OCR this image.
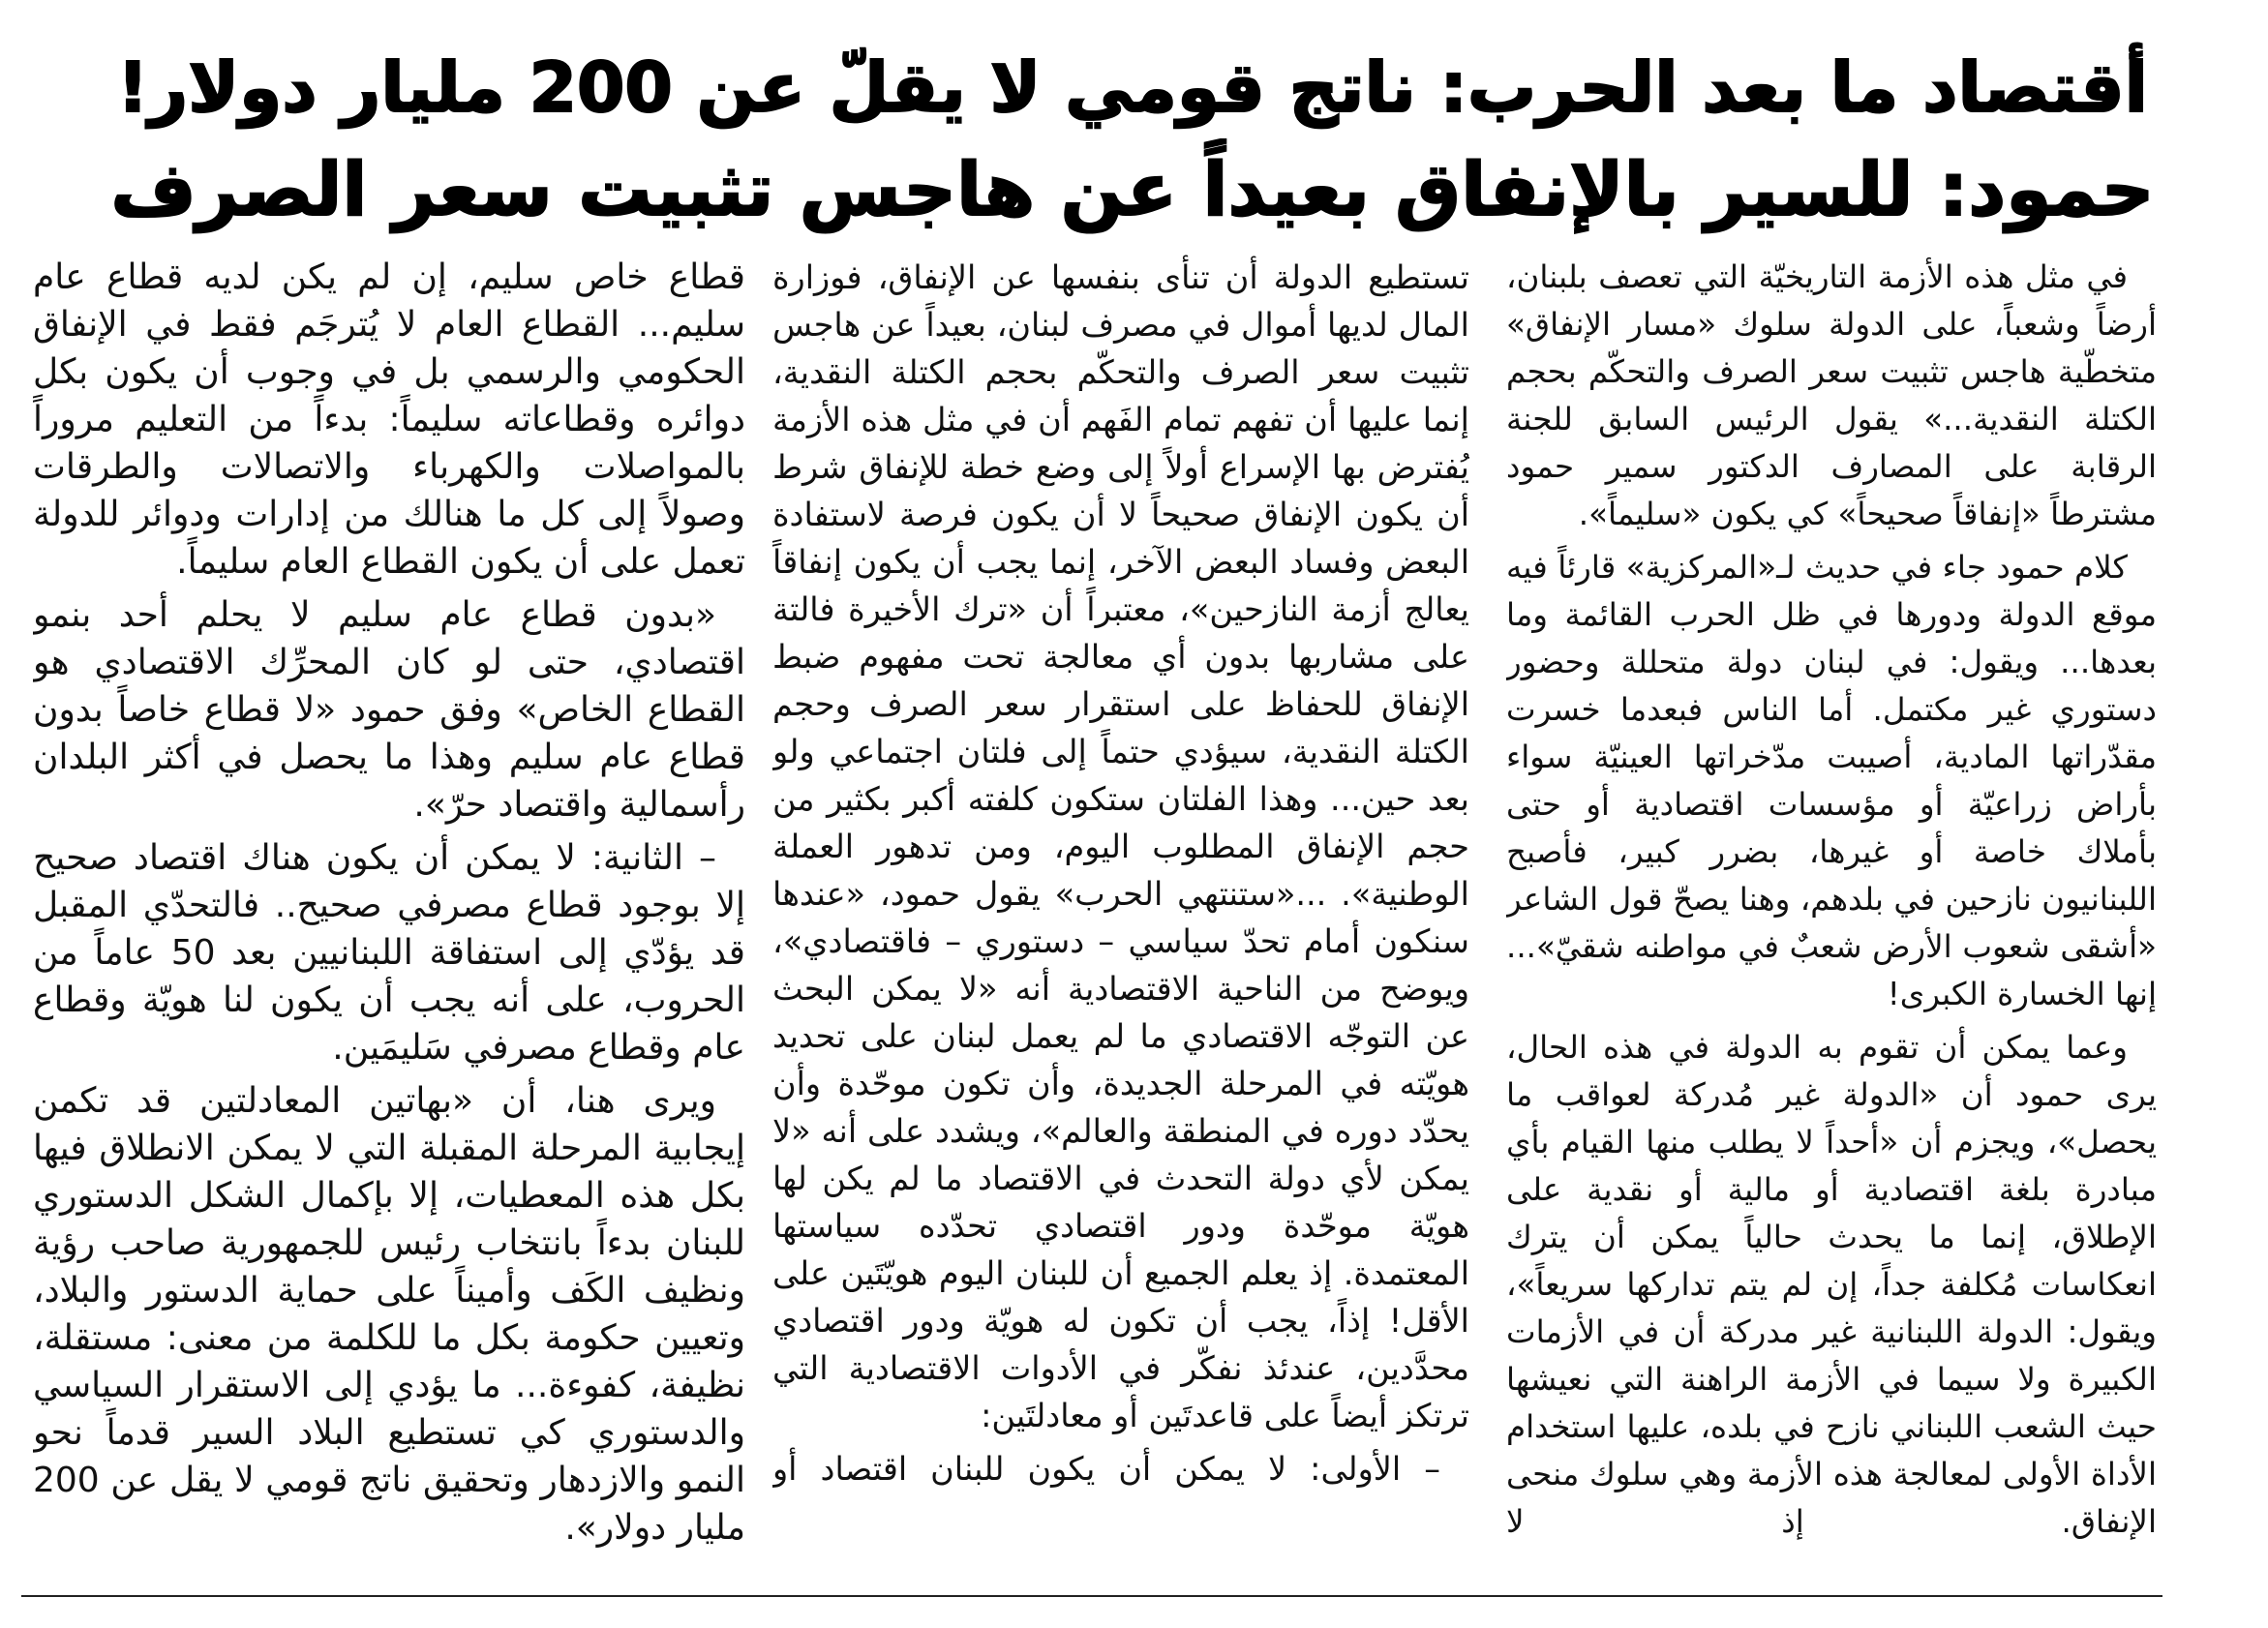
أقتصاد ما بعد الحرب: ناتج قومي لا يقلّ عن 200 مليار دولار!
حمود: للسير بالإنفاق بعيداً عن هاجس تثبيت سعر الصرف

في مثل هذه الأزمة التاريخيّة التي تعصف بلبنان، أرضاً وشعباً، على الدولة سلوك «مسار الإنفاق» متخطّية هاجس تثبيت سعر الصرف والتحكّم بحجم الكتلة النقدية...» يقول الرئيس السابق للجنة الرقابة على المصارف الدكتور سمير حمود مشترطاً «إنفاقاً صحيحاً» كي يكون «سليماً».

كلام حمود جاء في حديث لـ«المركزية» قارئاً فيه موقع الدولة ودورها في ظل الحرب القائمة وما بعدها... ويقول: في لبنان دولة متحللة وحضور دستوري غير مكتمل. أما الناس فبعدما خسرت مقدّراتها المادية، أصيبت مدّخراتها العينيّة سواء بأراض زراعيّة أو مؤسسات اقتصادية أو حتى بأملاك خاصة أو غيرها، بضرر كبير، فأصبح اللبنانيون نازحين في بلدهم، وهنا يصحّ قول الشاعر «أشقى شعوب الأرض شعبٌ في مواطنه شقيّ»... إنها الخسارة الكبرى!

وعما يمكن أن تقوم به الدولة في هذه الحال، يرى حمود أن «الدولة غير مُدركة لعواقب ما يحصل»، ويجزم أن «أحداً لا يطلب منها القيام بأي مبادرة بلغة اقتصادية أو مالية أو نقدية على الإطلاق، إنما ما يحدث حالياً يمكن أن يترك انعكاسات مُكلفة جداً، إن لم يتم تداركها سريعاً»، ويقول: الدولة اللبنانية غير مدركة أن في الأزمات الكبيرة ولا سيما في الأزمة الراهنة التي نعيشها حيث الشعب اللبناني نازح في بلده، عليها استخدام الأداة الأولى لمعالجة هذه الأزمة وهي سلوك منحى الإنفاق. إذ لا

تستطيع الدولة أن تنأى بنفسها عن الإنفاق، فوزارة المال لديها أموال في مصرف لبنان، بعيداً عن هاجس تثبيت سعر الصرف والتحكّم بحجم الكتلة النقدية، إنما عليها أن تفهم تمام الفَهم أن في مثل هذه الأزمة يُفترض بها الإسراع أولاً إلى وضع خطة للإنفاق شرط أن يكون الإنفاق صحيحاً لا أن يكون فرصة لاستفادة البعض وفساد البعض الآخر، إنما يجب أن يكون إنفاقاً يعالج أزمة النازحين»، معتبراً أن «ترك الأخيرة فالتة على مشاربها بدون أي معالجة تحت مفهوم ضبط الإنفاق للحفاظ على استقرار سعر الصرف وحجم الكتلة النقدية، سيؤدي حتماً إلى فلتان اجتماعي ولو بعد حين... وهذا الفلتان ستكون كلفته أكبر بكثير من حجم الإنفاق المطلوب اليوم، ومن تدهور العملة الوطنية». ...«ستنتهي الحرب» يقول حمود، «عندها سنكون أمام تحدّ سياسي – دستوري – فاقتصادي»، ويوضح من الناحية الاقتصادية أنه «لا يمكن البحث عن التوجّه الاقتصادي ما لم يعمل لبنان على تحديد هويّته في المرحلة الجديدة، وأن تكون موحّدة وأن يحدّد دوره في المنطقة والعالم»، ويشدد على أنه «لا يمكن لأي دولة التحدث في الاقتصاد ما لم يكن لها هويّة موحّدة ودور اقتصادي تحدّده سياستها المعتمدة. إذ يعلم الجميع أن للبنان اليوم هويّتَين على الأقل! إذاً، يجب أن تكون له هويّة ودور اقتصادي محدَّدين، عندئذ نفكّر في الأدوات الاقتصادية التي ترتكز أيضاً على قاعدتَين أو معادلتَين:

– الأولى: لا يمكن أن يكون للبنان اقتصاد أو

قطاع خاص سليم، إن لم يكن لديه قطاع عام سليم... القطاع العام لا يُترجَم فقط في الإنفاق الحكومي والرسمي بل في وجوب أن يكون بكل دوائره وقطاعاته سليماً: بدءاً من التعليم مروراً بالمواصلات والكهرباء والاتصالات والطرقات وصولاً إلى كل ما هنالك من إدارات ودوائر للدولة تعمل على أن يكون القطاع العام سليماً.

«بدون قطاع عام سليم لا يحلم أحد بنمو اقتصادي، حتى لو كان المحرِّك الاقتصادي هو القطاع الخاص» وفق حمود «لا قطاع خاصاً بدون قطاع عام سليم وهذا ما يحصل في أكثر البلدان رأسمالية واقتصاد حرّ».

– الثانية: لا يمكن أن يكون هناك اقتصاد صحيح إلا بوجود قطاع مصرفي صحيح.. فالتحدّي المقبل قد يؤدّي إلى استفاقة اللبنانيين بعد 50 عاماً من الحروب، على أنه يجب أن يكون لنا هويّة وقطاع عام وقطاع مصرفي سَليمَين.

ويرى هنا، أن «بهاتين المعادلتين قد تكمن إيجابية المرحلة المقبلة التي لا يمكن الانطلاق فيها بكل هذه المعطيات، إلا بإكمال الشكل الدستوري للبنان بدءاً بانتخاب رئيس للجمهورية صاحب رؤية ونظيف الكَف وأميناً على حماية الدستور والبلاد، وتعيين حكومة بكل ما للكلمة من معنى: مستقلة، نظيفة، كفوءة... ما يؤدي إلى الاستقرار السياسي والدستوري كي تستطيع البلاد السير قدماً نحو النمو والازدهار وتحقيق ناتج قومي لا يقل عن 200 مليار دولار».
